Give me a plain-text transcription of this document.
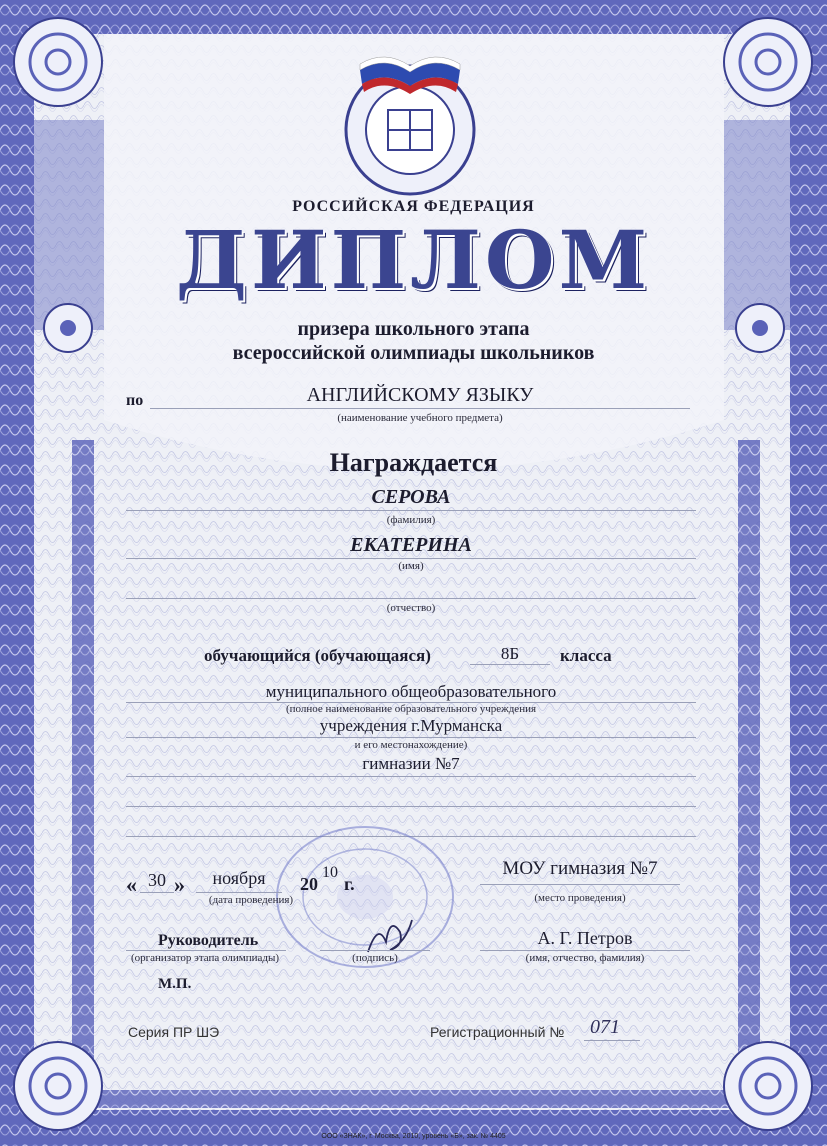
РОССИЙСКАЯ ФЕДЕРАЦИЯ
ДИПЛОМ
призера школьного этапа
всероссийской олимпиады школьников
по	АНГЛИЙСКОМУ ЯЗЫКУ
(наименование учебного предмета)
Награждается
СЕРОВА
(фамилия)
ЕКАТЕРИНА
(имя)
(отчество)
обучающийся (обучающаяся)	8Б	класса
муниципального общеобразовательного
(полное наименование образовательного учреждения
учреждения г.Мурманска
и его местонахождение)
гимназии №7
« 30 »	ноября	20
10
г.
(дата проведения)
МОУ гимназия №7
(место проведения)
Руководитель
(организатор этапа олимпиады)	(подпись)
А. Г. Петров
(имя, отчество, фамилия)
М.П.
Серия ПР ШЭ	Регистрационный № 071
ООО «ЗНАК», г. Москва, 2010, уровень «Б», зак. № 4405
